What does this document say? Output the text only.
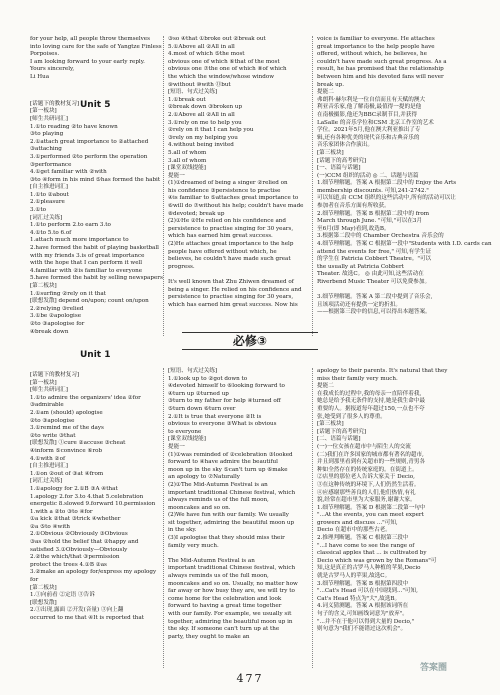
for your help, all people throw themselves
into loving care for the safe of Yangtze Finless
Porpoises.
I am looking forward to your early reply.
Yours sincerely,
Li Hua

[话题下的教材复习]
[第一板块]
[师生共研词汇]
1.①to reading ②to have known
③to playing
2.①attach great importance to ②attached
③attaching
3.①performed ②to perform the operation
③performance
4.①get familiar with ②with
③to ④form in his mind ⑤has formed the habit
[自主推进词汇]
1.①to ②about
2.①pleasure
3.①to
[词汇过关练]
1.①to perform 2.to earn 3.to
4.①to 5.to 6.of
1.attach much more importance to
2.have formed the habit of playing basketball
with my friends 3.is of great importance
with the hope that I can perform it well
4.familiar with ②is familiar to everyone
5.have formed the habit by selling newspapers
[第二板块]
1.①surfing ②rely on it that
[联想发散] depend on/upon; count on/upon
2.②relying ③relied
3.①be ②apologise
②to ③apologise for
④break down
③so ④that ①broke out ②break out
5.①Above all ②All in all
4.most of which ⑤the most
obvious one of which ⑥that of the most
obvious one ⑦the one of which ⑧of which
the which the window/whose window
⑨without ⑩with ⑪but
[短语、句式过关练]
1.①break out
②break down ③broken up
2.①Above all ②All in all
3.①rely on me to help you
②rely on it that I can help you
③rely on my helping you
4.without being invited
5.all of whom
3.all of whom
[课堂双线提能]
提能一
(1)①dreamed of being a singer ②relied on
his confidence ③persistence to practise
④is familiar to ⑤attaches great importance to
⑥will do ⑦without his help; couldn't have made
⑧devoted; break up
(2)①He ②He relied on his confidence and
persistence to practise singing for 30 years,
which has earned him great success.
(2)He attaches great importance to the help
people have offered without which, he
believes, he couldn't have made such great
progress.

It's well known that Zhu Zhiwen dreamed of
being a singer. He relied on his confidence and
persistence to practise singing for 30 years,
which has earned him great success. Now his
voice is familiar to everyone. He attaches
great importance to the help people have
offered, without which, he believes, he
couldn't have made such great progress. As a
result, he has promised that the relationship
between him and his devoted fans will never
break up.
提能二
弗朗科·赫尔利是一位自信而且有天赋的澳大
利亚音乐家,他了解南极,最值得一提的是他
在南极摄影,他还为BBC录制节目,并获得
LaSalle 的音乐学位和CSM 北京工作室的艺术
学位。2021年5月,他在澳大利亚推出了专
辑,还有各种优美的现代音乐和古典音乐的
音乐家团体合作演出。
[第三板块]
[话题下的高考研究]
[一、语篇与话题]
(一)CCM 组织的活动 ◎ 二、话题与语篇
1.细节理解题。答案 A 根据第二段中的 Enjoy the Arts
membership discounts. 可知,241-2742."
可以知道,由 CCM 组织的这些活动中,所有的活动可以让
参加者在音乐方面有所收获。
2.细节理解题。答案 B 根据第二段中的 from
March through June. "可知,"可以在3月
至6月(即 May)看到,故选B。
3.根据第二段中的 Chamber Orchestra 音乐会的
4.细节理解题。答案 C 根据第一段中"Students with I.D. cards can
attend the events for free," 可知,有学生证
的学生在 Patricia Cobbert Theatre。"可以
the usually at Patricia Cobbert
Theater. 故选C。 ◎ 由此可知,这些活动在
Riverbend Music Theater 可以免费参加。

3.细节理解题。答案 A 第二段中提到了音乐会,
且该项活动还有提供一定的折扣。
——根据第三段中的信息,可以得出本题答案。
Unit 5
必修③
Unit 1
[话题下的教材复习]
[第一板块]
[师生共研词汇]
1.①to admire the organizers' idea ②for
③admirable
2.①am (should) apologise
②to ③apologise
3.①remind me of the days
②to write ③that
[联想发散] ①cure ②accuse ③cheat
④inform ⑤convince ⑥rob
4.①with ②of
[自主推进词汇]
1.①on ②out of ③at ④from
[词汇过关练]
1.①apology for 2.①B ③A ④that
1.apology 2.for 3.to 4.that 5.celebration
energetic 8.slowed 9.forward 10.permission
1.with a ②to ③to ④for
①a kick ②that ③trick ④whether
②a ⑤to ④with
2.①Obvious ②Obviously ③Obvious
③as ②hold the belief that ②happy and
satisfied 3.①Obviously—Obviously
2.②the which/that ③permission
protect the trees 4.①B ②as
3.②make an apology for/express my apology
for
[第二板块]
1.①向前看 ②定语 ③告诉
[联想发散]
2.①出现,露面 ②开发(音量) ③向上翻
occurred to me that ④It is reported that
[短语、句式过关练]
1.①look up to ②got down to
④devoted himself to ⑥looking forward to
④turn up ②turned up
③turn to my father for help ④turned off
⑤turn down ⑥turn over
2.①It is true that everyone ②It is
obvious to everyone ③What is obvious
to everyone
[课堂双线提能]
提能一
(1)①was reminded of ②celebration ③looked
forward to ④have admire the beautiful
moon up in the sky ⑤can't turn up ⑥make
an apology to ⑦Naturally
(2)①The Mid-Autumn Festival is an
important traditional Chinese festival, which
always reminds us of the full moon,
mooncakes and so on.
(2)We have fun with our family. We usually
sit together, admiring the beautiful moon up
in the sky.
(3)I apologise that they should miss their
family very much.

The Mid-Autumn Festival is an
important traditional Chinese festival, which
always reminds us of the full moon,
mooncakes and so on. Usually, no matter how
far away or how busy they are, we will try to
come home for the celebration and look
forward to having a great time together
with our family. For example, we usually sit
together, admiring the beautiful moon up in
the sky. If someone can't turn up at the
party, they ought to make an
apology to their parents. It's natural that they
miss their family very much.
提能二
在我成长的过程中,我的母亲一直陪伴着我,
她总是给予我无条件的支持,她是我生命中最
重要的人。据报道每年超过150,一点也不夸
张,她受到了很多人的尊重。
[第三板块]
[话题下的高考研究]
[二、语篇与话题]
(一)一位女孩在超市中与陌生人的交流
(二)我们在许多国家的城市都有著名的超市,
并且到那里看到有关超市的一些规则,青男各
种如全然存在的传统家庭的。在街道上。
②店里的那位老人告诉大家关于 Decio,
③在这种传统的环境下,人们仍然生活着。
④应感谢那些善良的人们,他们热情,有礼
貌,经常在超市里为大家服务,谢谢大家。
1.细节理解题。答案 D 根据第二段第一句中
"...At the events, you can meet expert
growers and discuss ..."可知,
Decio 在超市中的那些古老。
2.推理判断题。答案 C 根据第三段中
"...I have come to see the range of
classical apples that ... is cultivated by
Decio which was grown by the Romans"可
知,这是真正的古罗马人种植的苹果,Decio
就是古罗马人的苹果,故选C。
3.细节理解题。答案 B 根据第四段中
"...Cat's Head 可以在中国找到..."可知,
Cat's Head 特点为"大",故选B。
4.词义猜测题。答案 A 根据该词所在
句子的含义,可知画线词意为"放弃"。
"...并不在于他可以得到大量的 Decio,"
则句意为"我们不能错过这次机会"。
477
答案圈
